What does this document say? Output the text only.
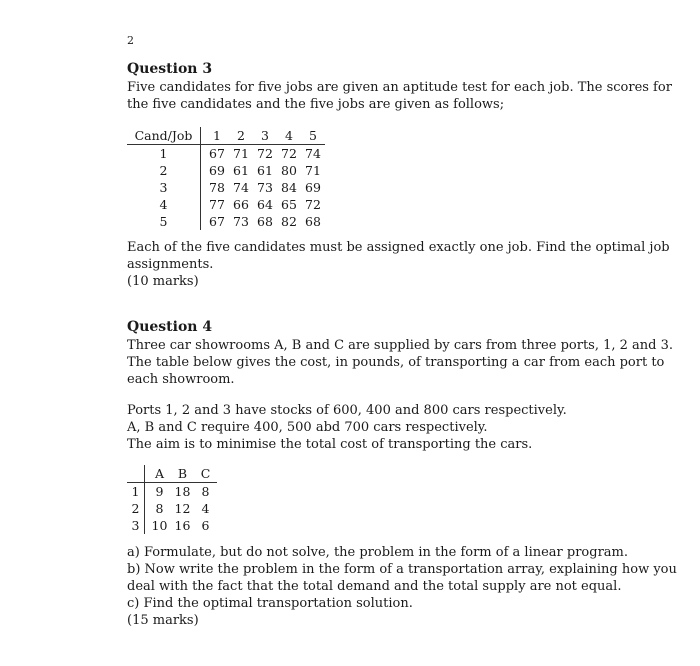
2
Question 3

Five candidates for five jobs are given an aptitude test for each job. The scores for
the five candidates and the five jobs are given as follows;

Cand/Job	1	2	3	4	5
1	67	71	72	72	74
2	69	61	61	80	71
3	78	74	73	84	69
4	77	66	64	65	72
5	67	73	68	82	68

Each of the five candidates must be assigned exactly one job. Find the optimal job
assignments.
(10 marks)

Question 4

Three car showrooms A, B and C are supplied by cars from three ports, 1, 2 and 3.
The table below gives the cost, in pounds, of transporting a car from each port to
each showroom.

Ports 1, 2 and 3 have stocks of 600, 400 and 800 cars respectively.
A, B and C require 400, 500 abd 700 cars respectively.
The aim is to minimise the total cost of transporting the cars.

	A	B	C
1	9	18	8
2	8	12	4
3	10	16	6

a) Formulate, but do not solve, the problem in the form of a linear program.
b) Now write the problem in the form of a transportation array, explaining how you
deal with the fact that the total demand and the total supply are not equal.
c) Find the optimal transportation solution.
(15 marks)
